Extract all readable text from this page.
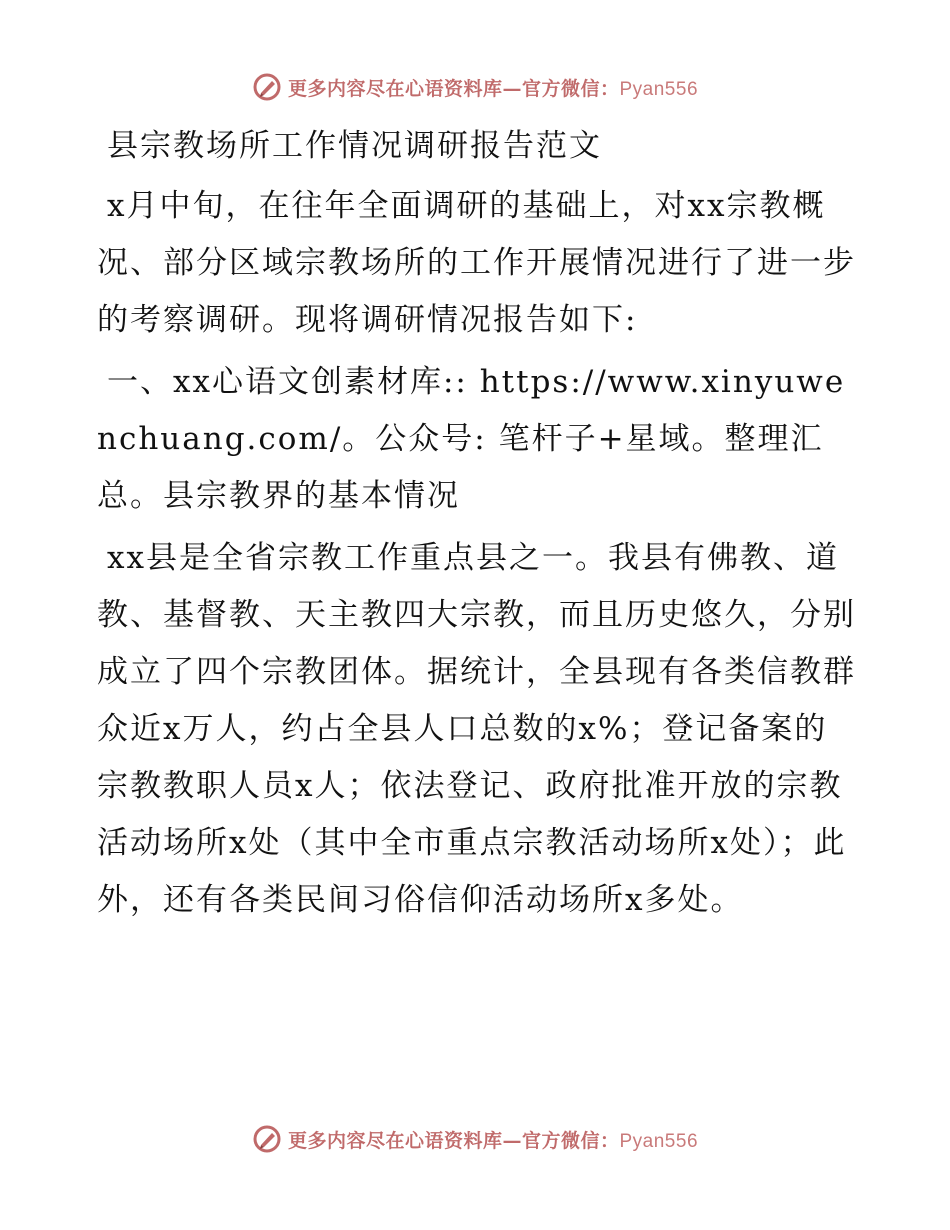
更多内容尽在心语资料库—官方微信：Pyan556
县宗教场所工作情况调研报告范文

x月中旬，在往年全面调研的基础上，对xx宗教概况、部分区域宗教场所的工作开展情况进行了进一步的考察调研。现将调研情况报告如下:

一、xx心语文创素材库:: https://www.xinyuwenchuang.com/。公众号: 笔杆子+星域。整理汇总。县宗教界的基本情况

xx县是全省宗教工作重点县之一。我县有佛教、道教、基督教、天主教四大宗教，而且历史悠久，分别成立了四个宗教团体。据统计，全县现有各类信教群众近x万人，约占全县人口总数的x%；登记备案的宗教教职人员x人；依法登记、政府批准开放的宗教活动场所x处（其中全市重点宗教活动场所x处）；此外，还有各类民间习俗信仰活动场所x多处。

更多内容尽在心语资料库—官方微信：Pyan556
